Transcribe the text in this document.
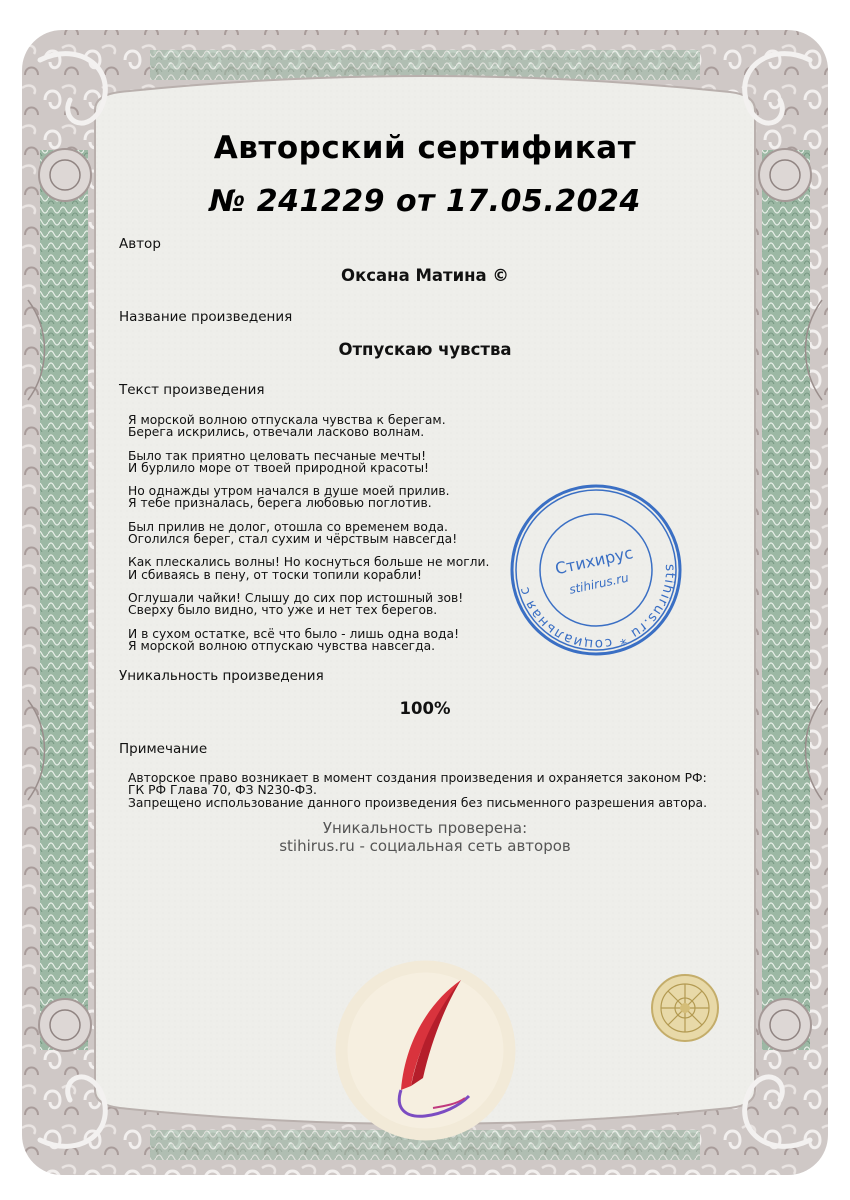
Авторский сертификат
№ 241229 от 17.05.2024
Автор
Оксана Матина ©
Название произведения
Отпускаю чувства
Текст произведения
Я морской волною отпускала чувства к берегам.
Берега искрились, отвечали ласково волнам.
Было так приятно целовать песчаные мечты!
И бурлило море от твоей природной красоты!
Но однажды утром начался в душе моей прилив.
Я тебе призналась, берега любовью поглотив.
Был прилив не долог, отошла со временем вода.
Оголился берег, стал сухим и чёрствым навсегда!
Как плескались волны! Но коснуться больше не могли.
И сбиваясь в пену, от тоски топили корабли!
Оглушали чайки! Слышу до сих пор истошный зов!
Сверху было видно, что уже и нет тех берегов.
И в сухом остатке, всё что было - лишь одна вода!
Я морской волною отпускаю чувства навсегда.
stihirus.ru * социальная сеть
Стихирус
stihirus.ru
Уникальность произведения
100%
Примечание
Авторское право возникает в момент создания произведения и охраняется законом РФ: ГК РФ Глава 70, ФЗ N230-ФЗ.
Запрещено использование данного произведения без письменного разрешения автора.
Уникальность проверена:
stihirus.ru - социальная сеть авторов
